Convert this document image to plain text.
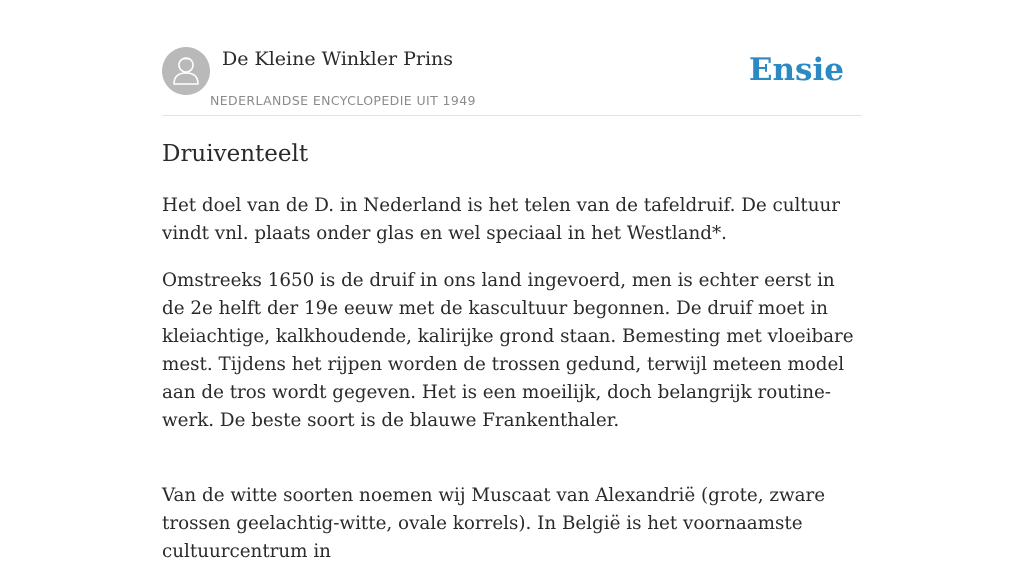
De Kleine Winkler Prins
NEDERLANDSE ENCYCLOPEDIE UIT 1949
Ensie
Druiventeelt

Het doel van de D. in Nederland is het telen van de tafeldruif. De cultuur vindt vnl. plaats onder glas en wel speciaal in het Westland*.

Omstreeks 1650 is de druif in ons land ingevoerd, men is echter eerst in de 2e helft der 19e eeuw met de kascultuur begonnen. De druif moet in kleiachtige, kalkhoudende, kalirijke grond staan. Bemesting met vloeibare mest. Tijdens het rijpen worden de trossen gedund, terwijl meteen model aan de tros wordt gegeven. Het is een moeilijk, doch belangrijk routine-werk. De beste soort is de blauwe Frankenthaler.

Van de witte soorten noemen wij Muscaat van Alexandrië (grote, zware trossen geelachtig-witte, ovale korrels). In België is het voornaamste cultuurcentrum in
